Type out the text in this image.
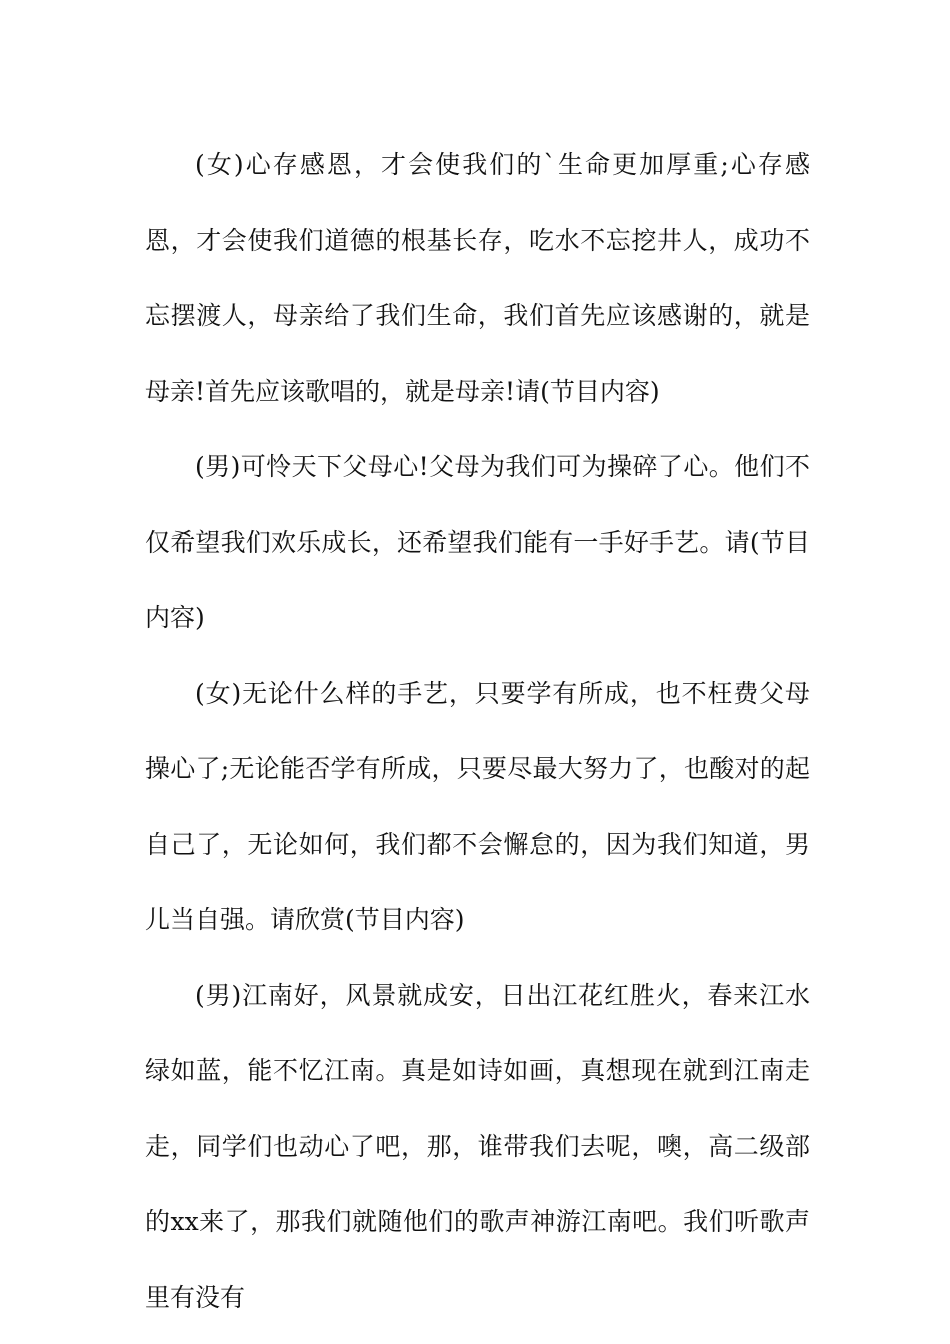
(女)心存感恩，才会使我们的`生命更加厚重;心存感恩，才会使我们道德的根基长存，吃水不忘挖井人，成功不忘摆渡人，母亲给了我们生命，我们首先应该感谢的，就是母亲!首先应该歌唱的，就是母亲!请(节目内容)

(男)可怜天下父母心!父母为我们可为操碎了心。他们不仅希望我们欢乐成长，还希望我们能有一手好手艺。请(节目内容)

(女)无论什么样的手艺，只要学有所成，也不枉费父母操心了;无论能否学有所成，只要尽最大努力了，也酸对的起自己了，无论如何，我们都不会懈怠的，因为我们知道，男儿当自强。请欣赏(节目内容)

(男)江南好，风景就成安，日出江花红胜火，春来江水绿如蓝，能不忆江南。真是如诗如画，真想现在就到江南走走，同学们也动心了吧，那，谁带我们去呢，噢，高二级部的xx来了，那我们就随他们的歌声神游江南吧。我们听歌声里有没有
